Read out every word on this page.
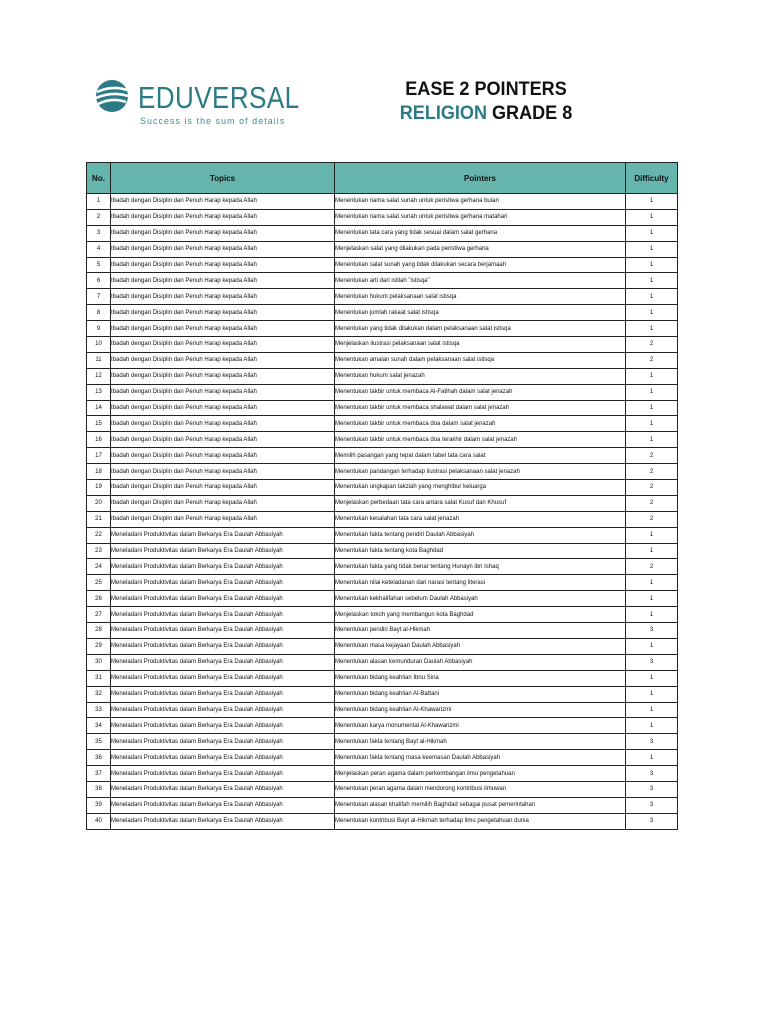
EDUVERSAL
Success is the sum of details
EASE 2 POINTERS
RELIGION GRADE 8
No.	Topics	Pointers	Difficulty
1	Ibadah dengan Disiplin dan Penuh Harap kepada Allah	Menentukan nama salat sunah untuk peristiwa gerhana bulan	1
2	Ibadah dengan Disiplin dan Penuh Harap kepada Allah	Menentukan nama salat sunah untuk peristiwa gerhana matahari	1
3	Ibadah dengan Disiplin dan Penuh Harap kepada Allah	Menentukan tata cara yang tidak sesuai dalam salat gerhana	1
4	Ibadah dengan Disiplin dan Penuh Harap kepada Allah	Menjelaskan salat yang dilakukan pada peristiwa gerhana	1
5	Ibadah dengan Disiplin dan Penuh Harap kepada Allah	Menentukan salat sunah yang tidak dilakukan secara berjamaah	1
6	Ibadah dengan Disiplin dan Penuh Harap kepada Allah	Menentukan arti dari istilah "istisqa"	1
7	Ibadah dengan Disiplin dan Penuh Harap kepada Allah	Menentukan hukum pelaksanaan salat istisqa	1
8	Ibadah dengan Disiplin dan Penuh Harap kepada Allah	Menentukan jumlah rakaat salat istisqa	1
9	Ibadah dengan Disiplin dan Penuh Harap kepada Allah	Menentukan yang tidak dilakukan dalam pelaksanaan salat istisqa	1
10	Ibadah dengan Disiplin dan Penuh Harap kepada Allah	Menjelaskan ilustrasi pelaksanaan salat istisqa	2
11	Ibadah dengan Disiplin dan Penuh Harap kepada Allah	Menentukan amalan sunah dalam pelaksanaan salat istisqa	2
12	Ibadah dengan Disiplin dan Penuh Harap kepada Allah	Menentukan hukum salat jenazah	1
13	Ibadah dengan Disiplin dan Penuh Harap kepada Allah	Menentukan takbir untuk membaca Al-Fatihah dalam salat jenazah	1
14	Ibadah dengan Disiplin dan Penuh Harap kepada Allah	Menentukan takbir untuk membaca shalawat dalam salat jenazah	1
15	Ibadah dengan Disiplin dan Penuh Harap kepada Allah	Menentukan takbir untuk membaca doa dalam salat jenazah	1
16	Ibadah dengan Disiplin dan Penuh Harap kepada Allah	Menentukan takbir untuk membaca doa terakhir dalam salat jenazah	1
17	Ibadah dengan Disiplin dan Penuh Harap kepada Allah	Memilih pasangan yang tepat dalam tabel tata cara salat	2
18	Ibadah dengan Disiplin dan Penuh Harap kepada Allah	Menentukan pandangan terhadap ilustrasi pelaksanaan salat jenazah	2
19	Ibadah dengan Disiplin dan Penuh Harap kepada Allah	Menentukan ungkapan takziah yang menghibur keluarga	2
20	Ibadah dengan Disiplin dan Penuh Harap kepada Allah	Menjelaskan perbedaan tata cara antara salat Kusuf dan Khusuf	2
21	Ibadah dengan Disiplin dan Penuh Harap kepada Allah	Menentukan kesalahan tata cara salat jenazah	2
22	Meneladani Produktivitas dalam Berkarya Era Daulah Abbasiyah	Menentukan fakta tentang pendiri Daulah Abbasiyah	1
23	Meneladani Produktivitas dalam Berkarya Era Daulah Abbasiyah	Menentukan fakta tentang kota Baghdad	1
24	Meneladani Produktivitas dalam Berkarya Era Daulah Abbasiyah	Menentukan fakta yang tidak benar tentang Hunayn ibn Ishaq	2
25	Meneladani Produktivitas dalam Berkarya Era Daulah Abbasiyah	Menentukan nilai keteladanan dari narasi tentang literasi	1
26	Meneladani Produktivitas dalam Berkarya Era Daulah Abbasiyah	Menentukan kekhalifahan sebelum Daulah Abbasiyah	1
27	Meneladani Produktivitas dalam Berkarya Era Daulah Abbasiyah	Menjelaskan tokoh yang membangun kota Baghdad	1
28	Meneladani Produktivitas dalam Berkarya Era Daulah Abbasiyah	Menentukan pendiri Bayt al-Hikmah	3
29	Meneladani Produktivitas dalam Berkarya Era Daulah Abbasiyah	Menentukan masa kejayaan Daulah Abbasiyah	1
30	Meneladani Produktivitas dalam Berkarya Era Daulah Abbasiyah	Menentukan alasan kemunduran Daulah Abbasiyah	3
31	Meneladani Produktivitas dalam Berkarya Era Daulah Abbasiyah	Menentukan bidang keahlian Ibnu Sina	1
32	Meneladani Produktivitas dalam Berkarya Era Daulah Abbasiyah	Menentukan bidang keahlian Al-Battani	1
33	Meneladani Produktivitas dalam Berkarya Era Daulah Abbasiyah	Menentukan bidang keahlian Al-Khawarizmi	1
34	Meneladani Produktivitas dalam Berkarya Era Daulah Abbasiyah	Menentukan karya monumental Al-Khawarizmi	1
35	Meneladani Produktivitas dalam Berkarya Era Daulah Abbasiyah	Menentukan fakta tentang Bayt al-Hikmah	3
36	Meneladani Produktivitas dalam Berkarya Era Daulah Abbasiyah	Menentukan fakta tentang masa keemasan Daulah Abbasiyah	1
37	Meneladani Produktivitas dalam Berkarya Era Daulah Abbasiyah	Menjelaskan peran agama dalam perkembangan ilmu pengetahuan	3
38	Meneladani Produktivitas dalam Berkarya Era Daulah Abbasiyah	Menentukan peran agama dalam mendorong kontribusi ilmuwan	3
39	Meneladani Produktivitas dalam Berkarya Era Daulah Abbasiyah	Menentukan alasan khalifah memilih Baghdad sebagai pusat pemerintahan	3
40	Meneladani Produktivitas dalam Berkarya Era Daulah Abbasiyah	Menentukan kontribusi Bayt al-Hikmah terhadap ilmu pengetahuan dunia	3
